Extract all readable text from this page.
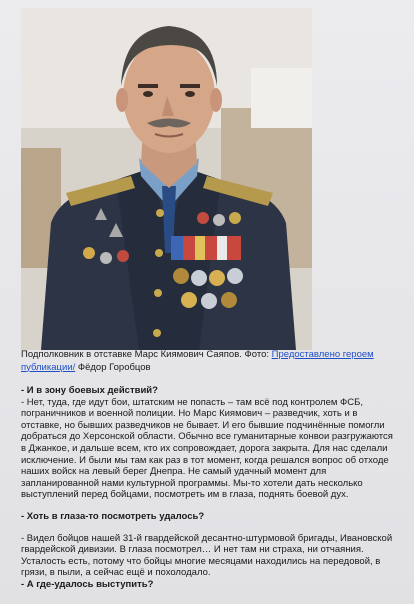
Подполковник в отставке Марс Киямович Саяпов. Фото: Предоставлено героем
публикации/ Фёдор Горобцов

- И в зону боевых действий?

- Нет, туда, где идут бои, штатским не попасть – там всё под контролем ФСБ, пограничников и военной полиции. Но Марс Киямович – разведчик, хоть и в отставке, но бывших разведчиков не бывает. И его бывшие подчинённые помогли добраться до Херсонской области. Обычно все гуманитарные конвои разгружаются в Джанкое, и дальше всем, кто их сопровождает, дорога закрыта. Для нас сделали исключение. И были мы там как раз в тот момент, когда решался вопрос об отходе наших войск на левый берег Днепра. Не самый удачный момент для запланированной нами культурной программы. Мы-то хотели дать несколько выступлений перед бойцами, посмотреть им в глаза, поднять боевой дух.

- Хоть в глаза-то посмотреть удалось?

- Видел бойцов нашей 31-й гвардейской десантно-штурмовой бригады, Ивановской гвардейской дивизии. В глаза посмотрел… И нет там ни страха, ни отчаяния. Усталость есть, потому что бойцы многие месяцами находились на передовой, в грязи, в пыли, а сейчас ещё и похолодало.

- А где-удалось выступить?
